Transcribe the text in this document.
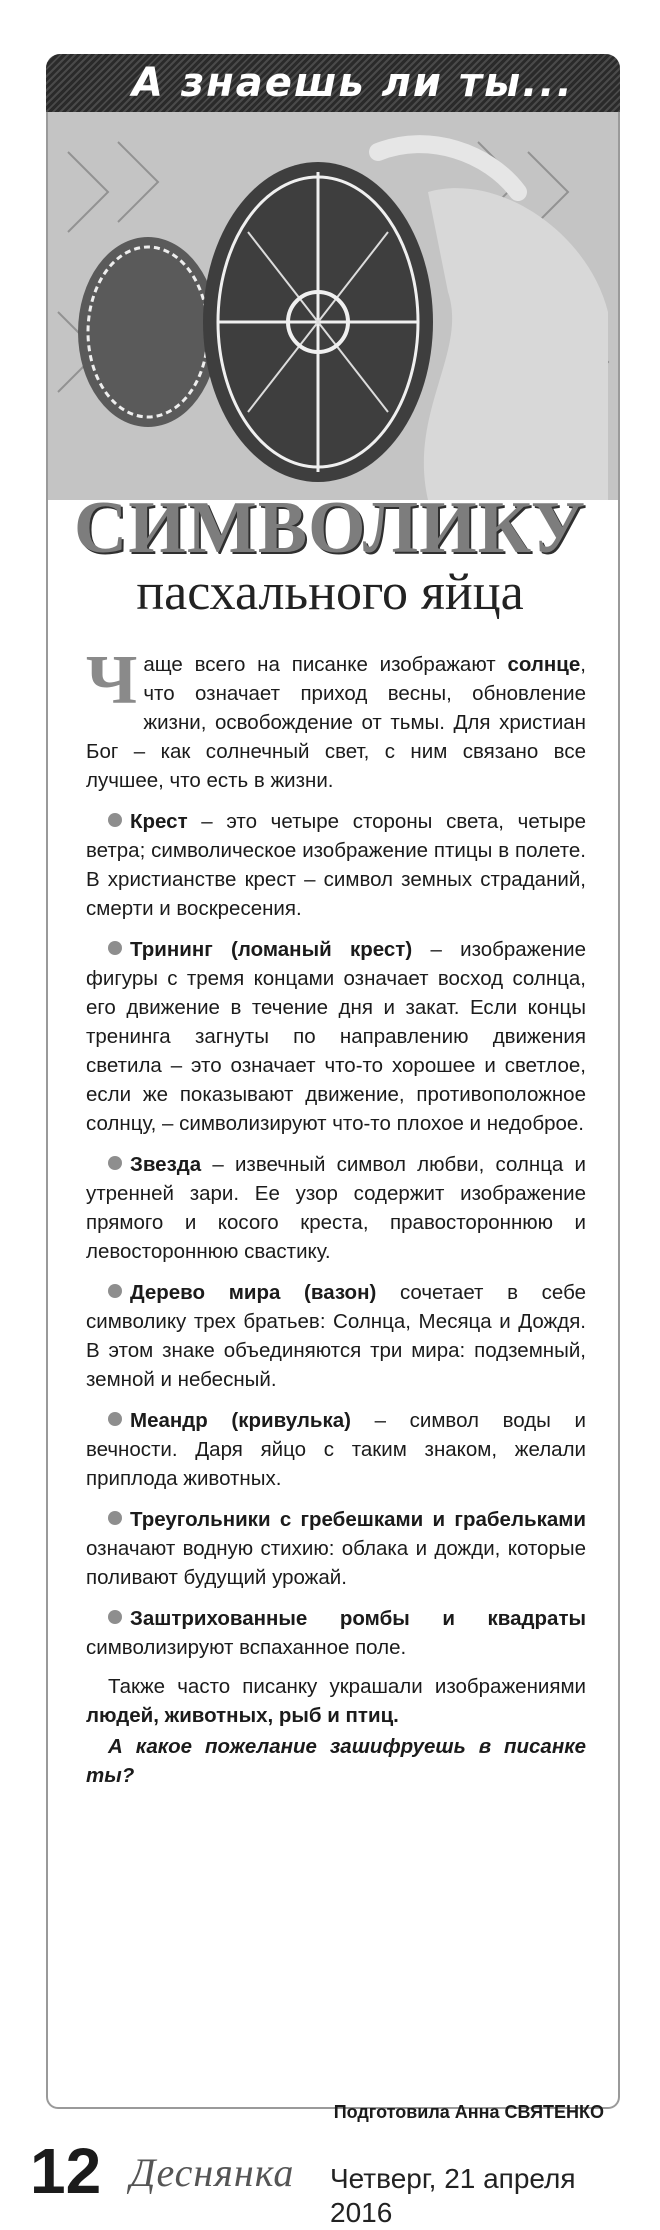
А знаешь ли ты...
СИМВОЛИКУ
пасхального яйца

Чаще всего на писанке изображают солнце, что означает приход весны, обновление жизни, освобождение от тьмы. Для христиан Бог – как солнечный свет, с ним связано все лучшее, что есть в жизни.

Крест – это четыре стороны света, четыре ветра; символическое изображение птицы в полете. В христианстве крест – символ земных страданий, смерти и воскресения.

Трининг (ломаный крест) – изображение фигуры с тремя концами означает восход солнца, его движение в течение дня и закат. Если концы тренинга загнуты по направлению движения светила – это означает что-то хорошее и светлое, если же показывают движение, противоположное солнцу, – символизируют что-то плохое и недоброе.

Звезда – извечный символ любви, солнца и утренней зари. Ее узор содержит изображение прямого и косого креста, правостороннюю и левостороннюю свастику.

Дерево мира (вазон) сочетает в себе символику трех братьев: Солнца, Месяца и Дождя. В этом знаке объединяются три мира: подземный, земной и небесный.

Меандр (кривулька) – символ воды и вечности. Даря яйцо с таким знаком, желали приплода животных.

Треугольники с гребешками и грабельками означают водную стихию: облака и дожди, которые поливают будущий урожай.

Заштрихованные ромбы и квадраты символизируют вспаханное поле.

Также часто писанку украшали изображениями людей, животных, рыб и птиц.

А какое пожелание зашифруешь в писанке ты?

Подготовила Анна СВЯТЕНКО
12 Деснянка Четверг, 21 апреля 2016
